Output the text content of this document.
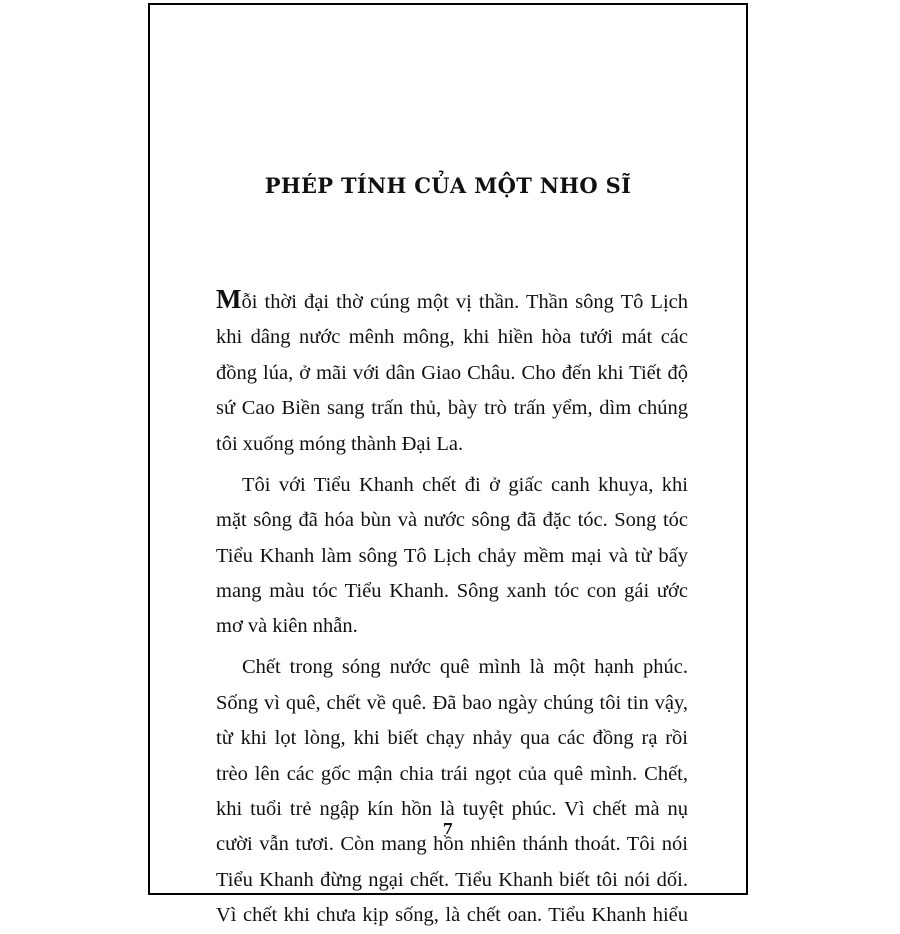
PHÉP TÍNH CỦA MỘT NHO SĨ

Mỗi thời đại thờ cúng một vị thần. Thần sông Tô Lịch
khi dâng nước mênh mông, khi hiền hòa tưới mát các
đồng lúa, ở mãi với dân Giao Châu. Cho đến khi Tiết độ
sứ Cao Biền sang trấn thủ, bày trò trấn yểm, dìm chúng
tôi xuống móng thành Đại La.

Tôi với Tiểu Khanh chết đi ở giấc canh khuya, khi
mặt sông đã hóa bùn và nước sông đã đặc tóc. Song tóc
Tiểu Khanh làm sông Tô Lịch chảy mềm mại và từ bấy
mang màu tóc Tiểu Khanh. Sông xanh tóc con gái ước
mơ và kiên nhẫn.

Chết trong sóng nước quê mình là một hạnh phúc.
Sống vì quê, chết về quê. Đã bao ngày chúng tôi tin vậy,
từ khi lọt lòng, khi biết chạy nhảy qua các đồng rạ rồi
trèo lên các gốc mận chia trái ngọt của quê mình. Chết,
khi tuổi trẻ ngập kín hồn là tuyệt phúc. Vì chết mà nụ
cười vẫn tươi. Còn mang hồn nhiên thánh thoát. Tôi nói
Tiểu Khanh đừng ngại chết. Tiểu Khanh biết tôi nói dối.
Vì chết khi chưa kịp sống, là chết oan. Tiểu Khanh hiểu

7
